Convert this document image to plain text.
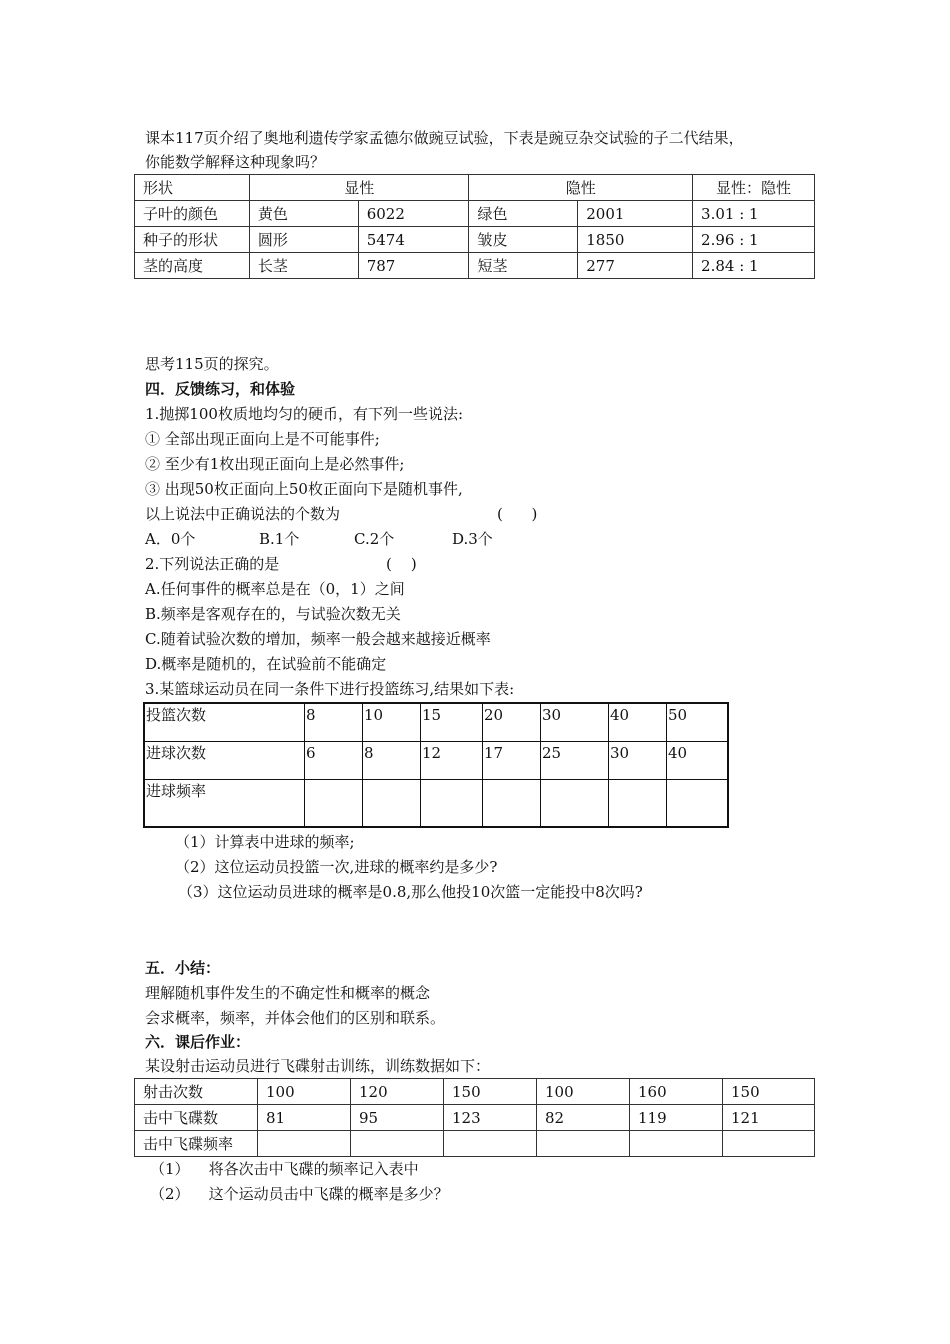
课本117页介绍了奥地利遗传学家孟德尔做豌豆试验，下表是豌豆杂交试验的子二代结果，
你能数学解释这种现象吗？
形状	显性		隐性		显性：隐性
子叶的颜色	黄色	6022	绿色	2001	3.01 : 1
种子的形状	圆形	5474	皱皮	1850	2.96 : 1
茎的高度	长茎	787	短茎	277	2.84 : 1
思考115页的探究。
四．反馈练习，和体验
1.抛掷100枚质地均匀的硬币，有下列一些说法:
① 全部出现正面向上是不可能事件;
② 至少有1枚出现正面向上是必然事件;
③ 出现50枚正面向上50枚正面向下是随机事件,
以上说法中正确说法的个数为	(      )
A．0个	B.1个	C.2个	D.3个
2.下列说法正确的是	(    )
A.任何事件的概率总是在（0，1）之间
B.频率是客观存在的，与试验次数无关
C.随着试验次数的增加，频率一般会越来越接近概率
D.概率是随机的，在试验前不能确定
3.某篮球运动员在同一条件下进行投篮练习,结果如下表:
投篮次数	8	10	15	20	30	40	50
进球次数	6	8	12	17	25	30	40
进球频率							
（1）计算表中进球的频率;
（2）这位运动员投篮一次,进球的概率约是多少?
（3）这位运动员进球的概率是0.8,那么他投10次篮一定能投中8次吗?
五．小结：
理解随机事件发生的不确定性和概率的概念
会求概率，频率，并体会他们的区别和联系。
六．课后作业：
某设射击运动员进行飞碟射击训练，训练数据如下：
射击次数	100	120	150	100	160	150
击中飞碟数	81	95	123	82	119	121
击中飞碟频率						
（1）    将各次击中飞碟的频率记入表中
（2）    这个运动员击中飞碟的概率是多少？
